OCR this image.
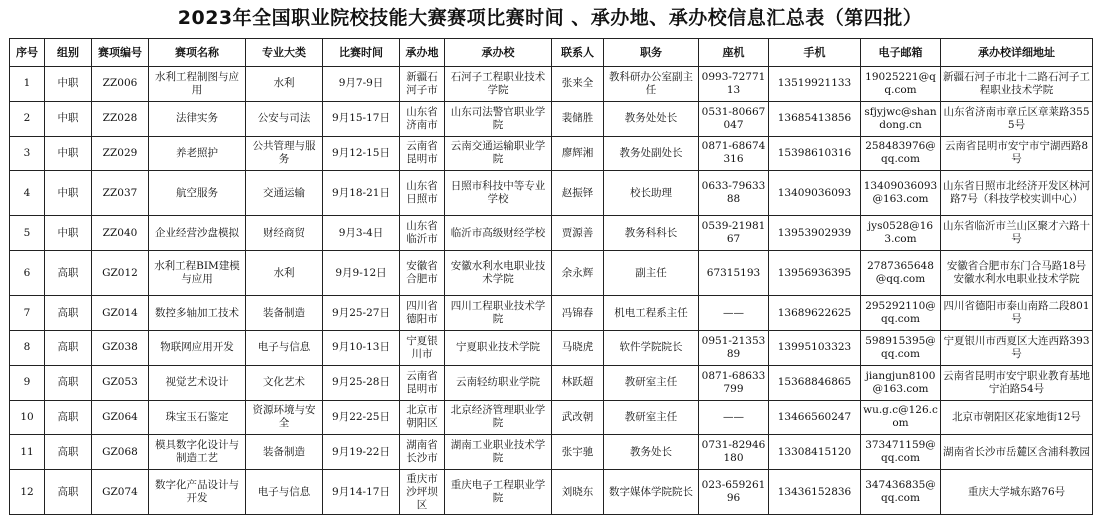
2023年全国职业院校技能大赛赛项比赛时间 、承办地、承办校信息汇总表（第四批）
序号	组别	赛项编号	赛项名称	专业大类	比赛时间	承办地	承办校	联系人	职务	座机	手机	电子邮箱	承办校详细地址
1	中职	ZZ006	水利工程制图与应用	水利	9月7-9日	新疆石河子市	石河子工程职业技术学院	张来全	教科研办公室副主任	0993-7277113	13519921133	19025221@qq.com	新疆石河子市北十二路石河子工程职业技术学院
2	中职	ZZ028	法律实务	公安与司法	9月15-17日	山东省济南市	山东司法警官职业学院	裴储胜	教务处处长	0531-80667047	13685413856	sfjyjwc@shandong.cn	山东省济南市章丘区章莱路3555号
3	中职	ZZ029	养老照护	公共管理与服务	9月12-15日	云南省昆明市	云南交通运输职业学院	廖辉湘	教务处副处长	0871-68674316	15398610316	258483976@qq.com	云南省昆明市安宁市宁湖西路8号
4	中职	ZZ037	航空服务	交通运输	9月18-21日	山东省日照市	日照市科技中等专业学校	赵振铎	校长助理	0633-7963388	13409036093	13409036093@163.com	山东省日照市北经济开发区林河路7号（科技学校实训中心）
5	中职	ZZ040	企业经营沙盘模拟	财经商贸	9月3-4日	山东省临沂市	临沂市高级财经学校	贾源善	教务科科长	0539-2198167	13953902939	jys0528@163.com	山东省临沂市兰山区聚才六路十号
6	高职	GZ012	水利工程BIM建模与应用	水利	9月9-12日	安徽省合肥市	安徽水利水电职业技术学院	余永辉	副主任	67315193	13956936395	2787365648@qq.com	安徽省合肥市东门合马路18号安徽水利水电职业技术学院
7	高职	GZ014	数控多轴加工技术	装备制造	9月25-27日	四川省德阳市	四川工程职业技术学院	冯锦春	机电工程系主任	——	13689622625	295292110@qq.com	四川省德阳市泰山南路二段801号
8	高职	GZ038	物联网应用开发	电子与信息	9月10-13日	宁夏银川市	宁夏职业技术学院	马晓虎	软件学院院长	0951-2135389	13995103323	598915395@qq.com	宁夏银川市西夏区大连西路393号
9	高职	GZ053	视觉艺术设计	文化艺术	9月25-28日	云南省昆明市	云南轻纺职业学院	林跃超	教研室主任	0871-68633799	15368846865	jiangjun8100@163.com	云南省昆明市安宁职业教育基地宁泊路54号
10	高职	GZ064	珠宝玉石鉴定	资源环境与安全	9月22-25日	北京市朝阳区	北京经济管理职业学院	武改朝	教研室主任	——	13466560247	wu.g.c@126.com	北京市朝阳区花家地街12号
11	高职	GZ068	模具数字化设计与制造工艺	装备制造	9月19-22日	湖南省长沙市	湖南工业职业技术学院	张宇驰	教务处长	0731-82946180	13308415120	373471159@qq.com	湖南省长沙市岳麓区含浦科教园
12	高职	GZ074	数字化产品设计与开发	电子与信息	9月14-17日	重庆市沙坪坝区	重庆电子工程职业学院	刘晓东	数字媒体学院院长	023-65926196	13436152836	347436835@qq.com	重庆大学城东路76号
